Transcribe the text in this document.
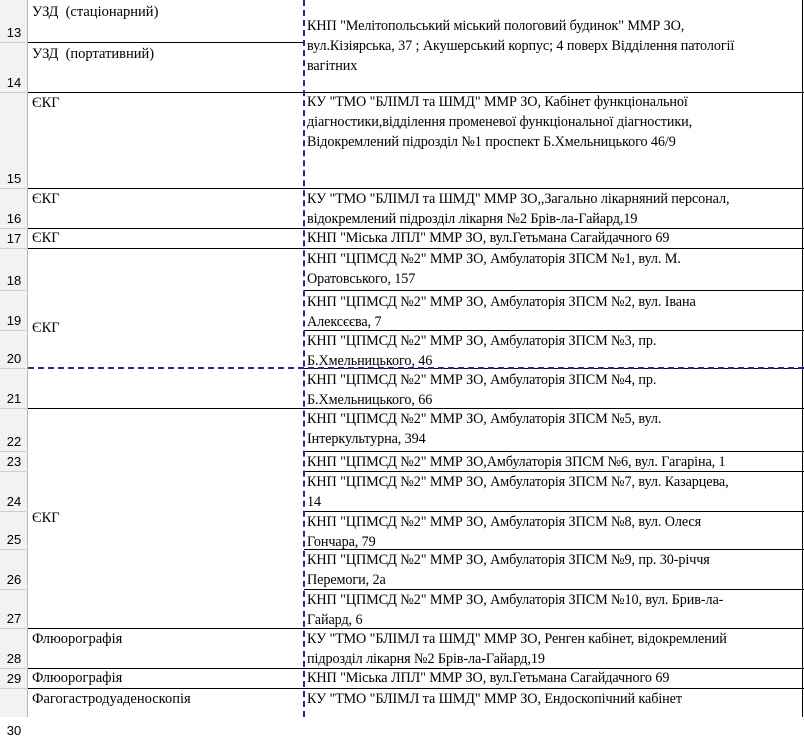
13
14
15
16
17
18
19
20
21
22
23
24
25
26
27
28
29
30
УЗД  (стаціонарний)
УЗД  (портативний)
ЄКГ
ЄКГ
ЄКГ
ЄКГ
ЄКГ
Флюорографія
Флюорографія
Фагогастродуаденоскопія
КНП "Мелітопольський міський пологовий будинок" ММР ЗО,
вул.Кізіярська, 37 ; Акушерський корпус; 4 поверх Відділення патології
вагітних
КУ "ТМО "БЛІМЛ та ШМД" ММР ЗО, Кабінет функціональної
діагностики,відділення променевої функціональної діагностики,
Відокремлений підрозділ №1 проспект Б.Хмельницького 46/9
КУ "ТМО "БЛІМЛ та ШМД" ММР ЗО,,Загально лікарняний персонал,
відокремлений підрозділ лікарня №2 Брів-ла-Гайард,19
КНП "Міська ЛПЛ" ММР ЗО, вул.Гетьмана Сагайдачного 69
КНП "ЦПМСД №2" ММР ЗО, Амбулаторія ЗПСМ №1, вул. М.
Оратовського, 157
КНП "ЦПМСД №2" ММР ЗО, Амбулаторія ЗПСМ №2, вул. Івана
Алексєєва, 7
КНП "ЦПМСД №2" ММР ЗО, Амбулаторія ЗПСМ №3, пр.
Б.Хмельницького, 46
КНП "ЦПМСД №2" ММР ЗО, Амбулаторія ЗПСМ №4, пр.
Б.Хмельницького, 66
КНП "ЦПМСД №2" ММР ЗО, Амбулаторія ЗПСМ №5, вул.
Інтеркультурна, 394
КНП "ЦПМСД №2" ММР ЗО,Амбулаторія ЗПСМ №6, вул. Гагаріна, 1
КНП "ЦПМСД №2" ММР ЗО, Амбулаторія ЗПСМ №7, вул. Казарцева,
14
КНП "ЦПМСД №2" ММР ЗО, Амбулаторія ЗПСМ №8, вул. Олеся
Гончара, 79
КНП "ЦПМСД №2" ММР ЗО, Амбулаторія ЗПСМ №9, пр. 30-річчя
Перемоги, 2а
КНП "ЦПМСД №2" ММР ЗО, Амбулаторія ЗПСМ №10, вул. Брив-ла-
Гайард, 6
КУ "ТМО "БЛІМЛ та ШМД" ММР ЗО, Ренген кабінет, відокремлений
підрозділ лікарня №2 Брів-ла-Гайард,19
КНП "Міська ЛПЛ" ММР ЗО, вул.Гетьмана Сагайдачного 69
КУ "ТМО "БЛІМЛ та ШМД" ММР ЗО, Ендоскопічний кабінет
